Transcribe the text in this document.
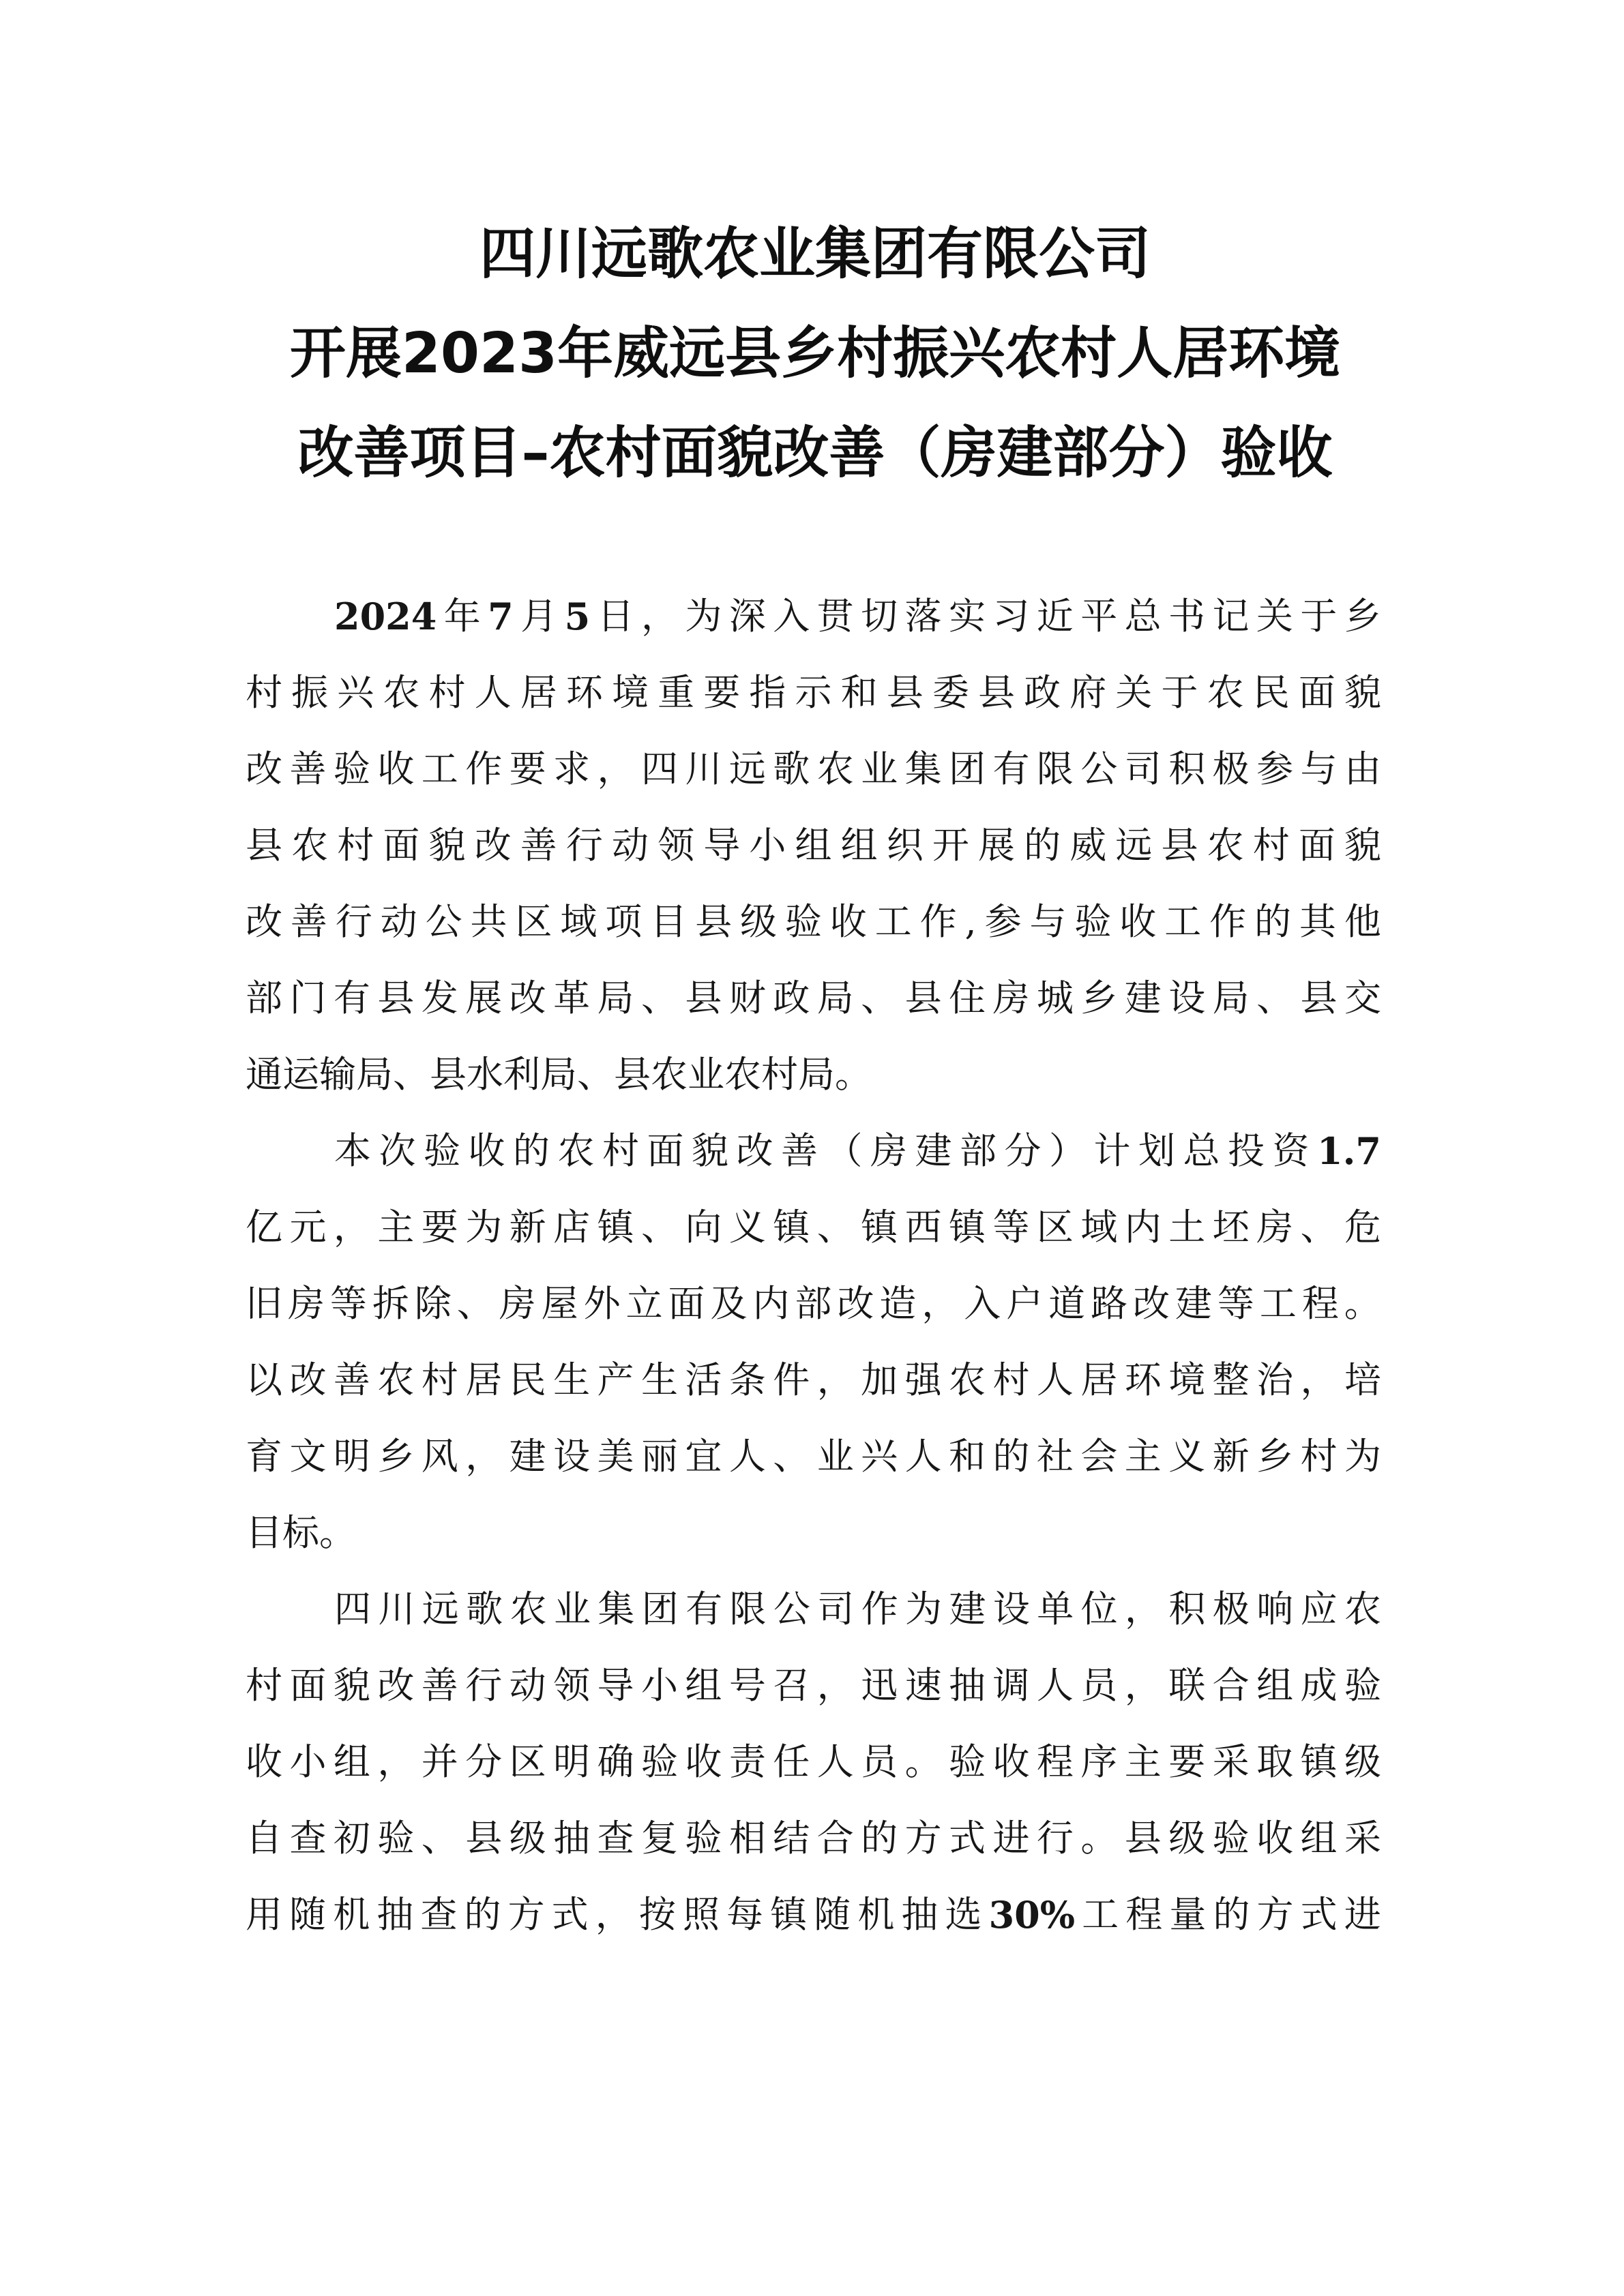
四川远歌农业集团有限公司
开展2023年威远县乡村振兴农村人居环境
改善项目–农村面貌改善（房建部分）验收
2024 年 7 月 5 日 ， 为 深 入 贯 切 落 实 习 近 平 总 书 记 关 于 乡
村 振 兴 农 村 人 居 环 境 重 要 指 示 和 县 委 县 政 府 关 于 农 民 面 貌
改 善 验 收 工 作 要 求 ， 四 川 远 歌 农 业 集 团 有 限 公 司 积 极 参 与 由
县 农 村 面 貌 改 善 行 动 领 导 小 组 组 织 开 展 的 威 远 县 农 村 面 貌
改 善 行 动 公 共 区 域 项 目 县 级 验 收 工 作 , 参 与 验 收 工 作 的 其 他
部 门 有 县 发 展 改 革 局 、 县 财 政 局 、 县 住 房 城 乡 建 设 局 、 县 交
通 运 输 局 、 县 水 利 局 、 县 农 业 农 村 局 。
本 次 验 收 的 农 村 面 貌 改 善 （ 房 建 部 分 ） 计 划 总 投 资 1.7
亿 元 ， 主 要 为 新 店 镇 、 向 义 镇 、 镇 西 镇 等 区 域 内 土 坯 房 、 危
旧 房 等 拆 除 、 房 屋 外 立 面 及 内 部 改 造 ， 入 户 道 路 改 建 等 工 程 。
以 改 善 农 村 居 民 生 产 生 活 条 件 ， 加 强 农 村 人 居 环 境 整 治 ， 培
育 文 明 乡 风 ， 建 设 美 丽 宜 人 、 业 兴 人 和 的 社 会 主 义 新 乡 村 为
目 标 。
四 川 远 歌 农 业 集 团 有 限 公 司 作 为 建 设 单 位 ， 积 极 响 应 农
村 面 貌 改 善 行 动 领 导 小 组 号 召 ， 迅 速 抽 调 人 员 ， 联 合 组 成 验
收 小 组 ， 并 分 区 明 确 验 收 责 任 人 员 。 验 收 程 序 主 要 采 取 镇 级
自 查 初 验 、 县 级 抽 查 复 验 相 结 合 的 方 式 进 行 。 县 级 验 收 组 采
用 随 机 抽 查 的 方 式 ， 按 照 每 镇 随 机 抽 选 30% 工 程 量 的 方 式 进
